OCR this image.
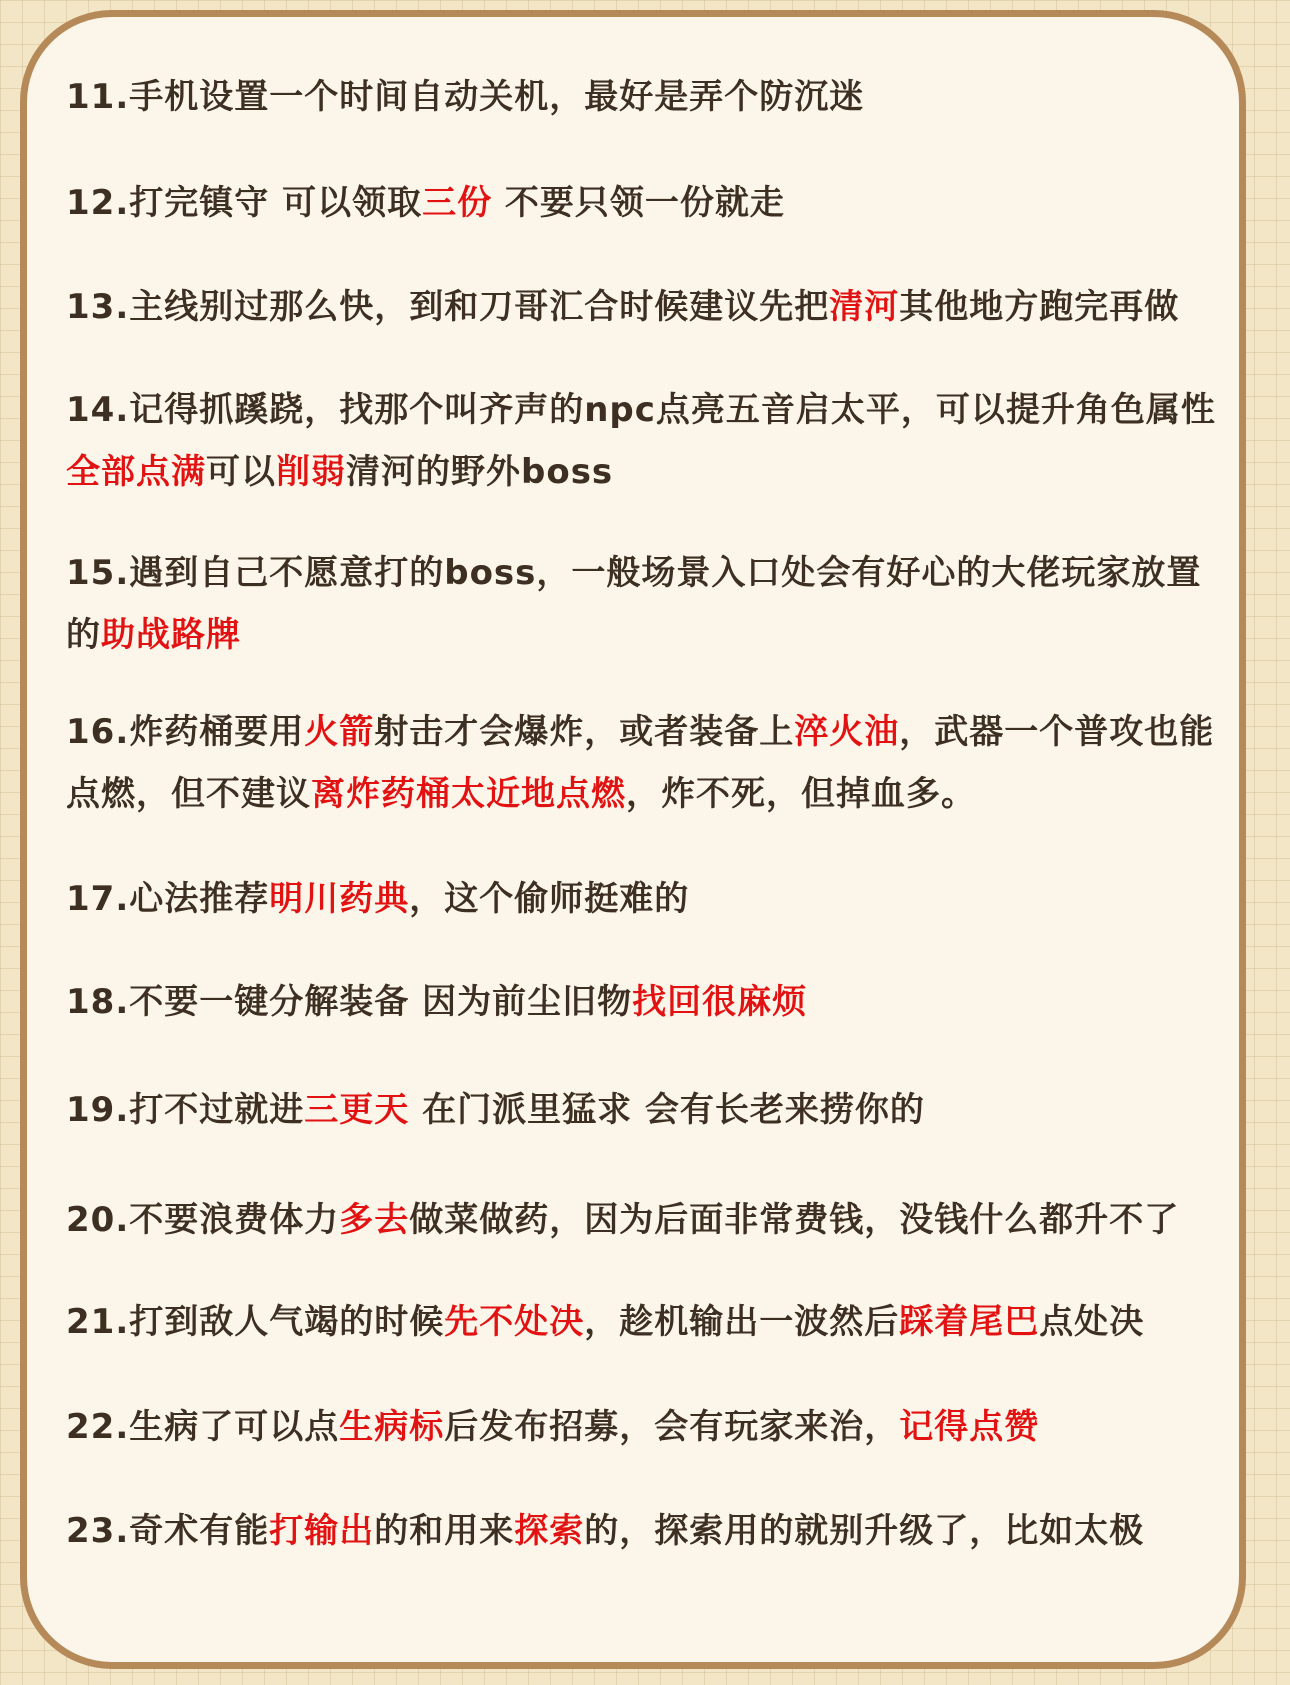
11.手机设置一个时间自动关机，最好是弄个防沉迷
12.打完镇守 可以领取三份 不要只领一份就走
13.主线别过那么快，到和刀哥汇合时候建议先把清河其他地方跑完再做
14.记得抓蹊跷，找那个叫齐声的npc点亮五音启太平，可以提升角色属性全部点满可以削弱清河的野外boss
15.遇到自己不愿意打的boss，一般场景入口处会有好心的大佬玩家放置的助战路牌
16.炸药桶要用火箭射击才会爆炸，或者装备上淬火油，武器一个普攻也能点燃，但不建议离炸药桶太近地点燃，炸不死，但掉血多。
17.心法推荐明川药典，这个偷师挺难的
18.不要一键分解装备 因为前尘旧物找回很麻烦
19.打不过就进三更天 在门派里猛求 会有长老来捞你的
20.不要浪费体力多去做菜做药，因为后面非常费钱，没钱什么都升不了
21.打到敌人气竭的时候先不处决，趁机输出一波然后踩着尾巴点处决
22.生病了可以点生病标后发布招募，会有玩家来治，记得点赞
23.奇术有能打输出的和用来探索的，探索用的就别升级了，比如太极
